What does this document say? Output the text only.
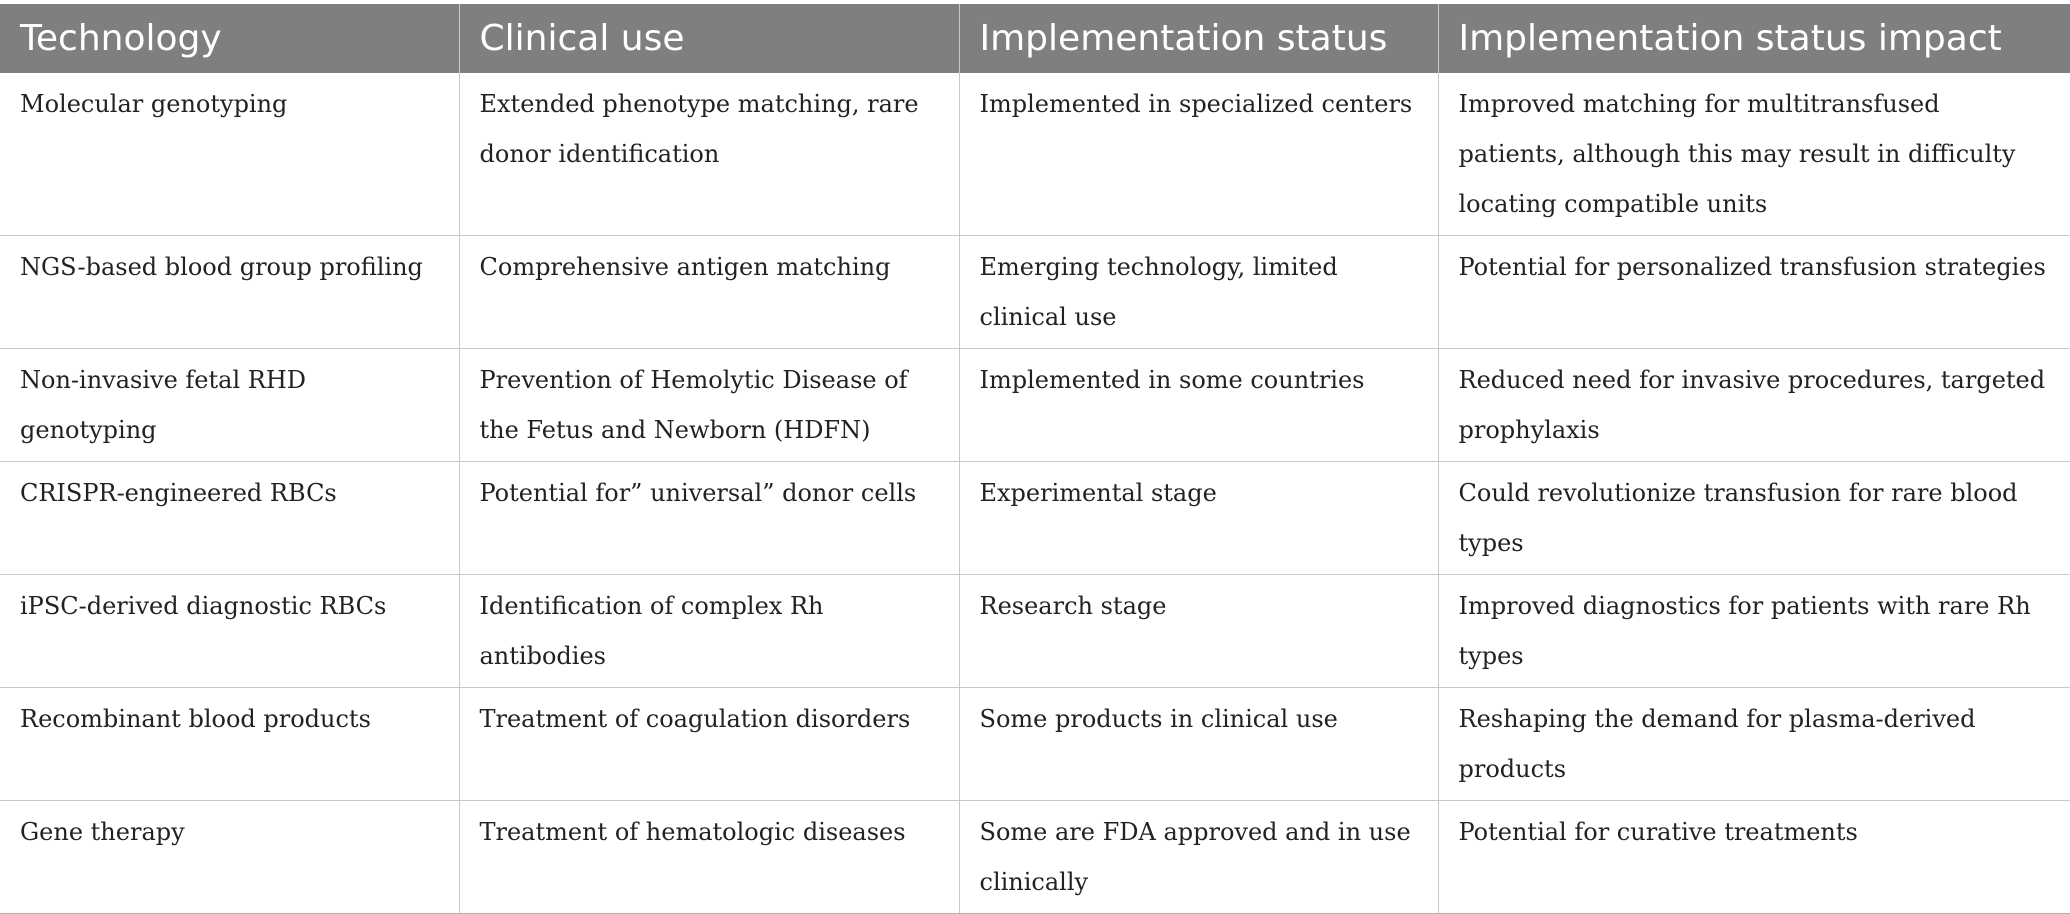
Technology	Clinical use	Implementation status	Implementation status impact
Molecular genotyping	Extended phenotype matching, rare donor identification	Implemented in specialized centers	Improved matching for multitransfused patients, although this may result in difficulty locating compatible units
NGS-based blood group profiling	Comprehensive antigen matching	Emerging technology, limited clinical use	Potential for personalized transfusion strategies
Non-invasive fetal RHD genotyping	Prevention of Hemolytic Disease of the Fetus and Newborn (HDFN)	Implemented in some countries	Reduced need for invasive procedures, targeted prophylaxis
CRISPR-engineered RBCs	Potential for” universal” donor cells	Experimental stage	Could revolutionize transfusion for rare blood types
iPSC-derived diagnostic RBCs	Identification of complex Rh antibodies	Research stage	Improved diagnostics for patients with rare Rh types
Recombinant blood products	Treatment of coagulation disorders	Some products in clinical use	Reshaping the demand for plasma-derived products
Gene therapy	Treatment of hematologic diseases	Some are FDA approved and in use clinically	Potential for curative treatments
